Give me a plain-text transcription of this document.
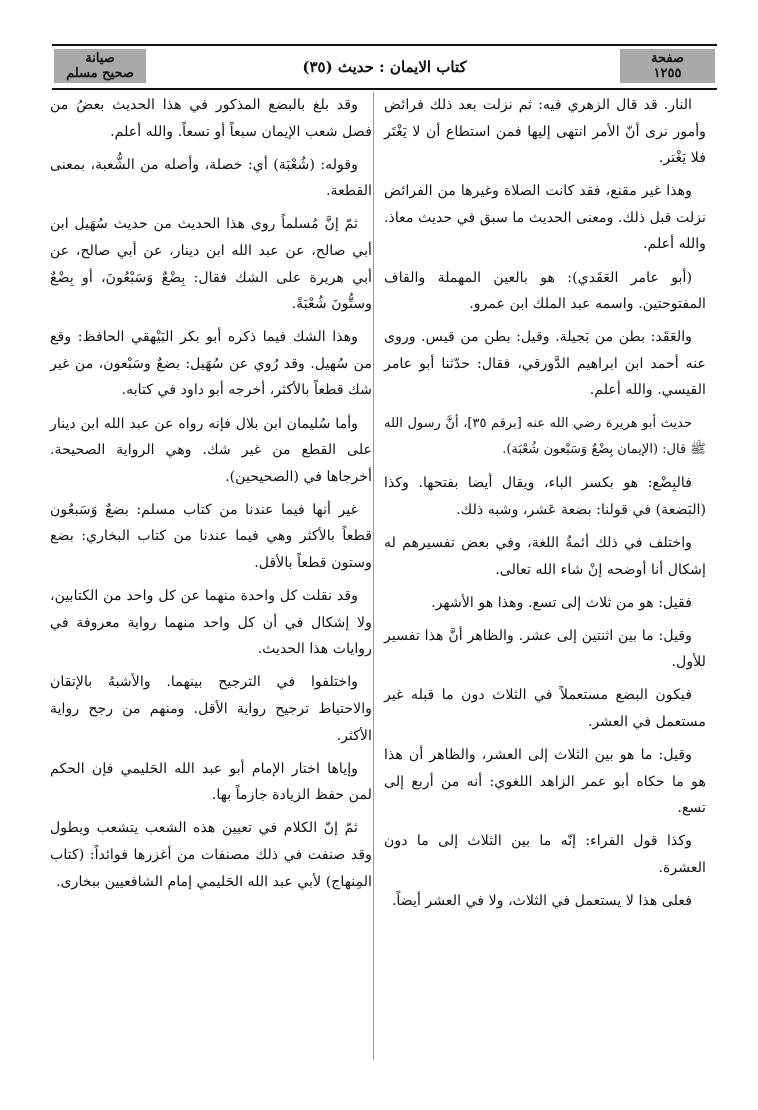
صفحة
١٢٥٥
كتاب الايمان : حديث (٣٥)
صيانة
صحيح مسلم

النار. قد قال الزهري فيه: ثم نزلت بعد ذلك فرائض وأمور نرى أنّ الأمر انتهى إليها فمن استطاع أن لا يَغْتَر فلا يَغْتر.

وهذا غير مقنع، فقد كانت الصلاة وغيرها من الفرائض نزلت قبل ذلك. ومعنى الحديث ما سبق في حديث معاذ. والله أعلم.

(أبو عامر العَقَدي): هو بالعين المهملة والقاف المفتوحتين. واسمه عبد الملك ابن عمرو.

والعَقَد: بطن من بَجيلة. وقيل: بطن من قيس. وروى عنه أحمد ابن ابراهيم الدَّورقي، فقال: حدّثنا أبو عامر القيسي. والله أعلم.

حديث أبو هريرة رضي الله عنه [برقم ٣٥]، أنَّ رسول الله ﷺ قال: (الإيمان بِضْعٌ وَسَبْعون شُعْبَة).

فالبِضْع: هو بكسر الباء، ويقال أيضا بفتحها. وكذا (البَضعة) في قولنا: بضعة عَشر، وشبه ذلك.

واختلف في ذلك أئمةُ اللغة، وفي بعض تفسيرهم له إشكال أنا أوضحه إنْ شاء الله تعالى.

فقيل: هو من ثلاث إلى تسع. وهذا هو الأشهر.

وقيل: ما بين اثنتين إلى عشر. والظاهر أنَّ هذا تفسير للأول.

فيكون البضع مستعملاً في الثلاث دون ما قبله غير مستعمل في العشر.

وقيل: ما هو بين الثلاث إلى العشر، والظاهر أن هذا هو ما حكاه أبو عمر الزاهد اللغوي: أنه من أربع إلى تسع.

وكذا قول الفراء: إنّه ما بين الثلاث إلى ما دون العشرة.

فعلى هذا لا يستعمل في الثلاث، ولا في العشر أيضاً.

وقد بلغ بالبضع المذكور في هذا الحديث بعضُ من فصل شعب الإيمان سبعاً أو تسعاً. والله أعلم.

وقوله: (شُعْبَة) أي: خصلة، وأصله من الشُّعبة، بمعنى القطعة.

ثمّ إنَّ مُسلماً روى هذا الحديث من حديث سُهَيل ابن أبي صالح، عن عبد الله ابن دينار، عن أبي صالح، عن أبي هريرة على الشك فقال: بِضْعٌ وَسَبْعُونَ، أو بِضْعٌ وستُّونَ شُعْبَةً.

وهذا الشك فيما ذكره أبو بكر البَيْهقي الحافظ: وقع من سُهيل. وقد رُوي عن سُهَيل: بضعٌ وسَبْعون، من غير شك قطعاً بالأكثر، أخرجه أبو داود في كتابه.

وأما سُليمان ابن بلال فإنه رواه عن عبد الله ابن دينار على القطع من غير شك. وهي الرواية الصحيحة. أخرجاها في (الصحيحين).

غير أنها فيما عندنا من كتاب مسلم: بضعٌ وَسَبعُون قطعاً بالأكثر وهي فيما عندنا من كتاب البخاري: بضع وستون قطعاً بالأقل.

وقد نقلت كل واحدة منهما عن كل واحد من الكتابين، ولا إشكال في أن كل واحد منهما رواية معروفة في روايات هذا الحديث.

واختلفوا في الترجيح بينهما. والأشبهُ بالإتقان والاحتياط ترجيح رواية الأقل. ومنهم من رجح رواية الأكثر.

وإياها اختار الإمام أبو عبد الله الحَليمي فإن الحكم لمن حفظ الزيادة جازماً بها.

ثمّ إنّ الكلام في تعيين هذه الشعب يتشعب ويطول وقد صنفت في ذلك مصنفات من أغزرها فوائداً: (كتاب المِنهاج) لأبي عبد الله الحَليمي إمام الشافعيين ببخارى.
